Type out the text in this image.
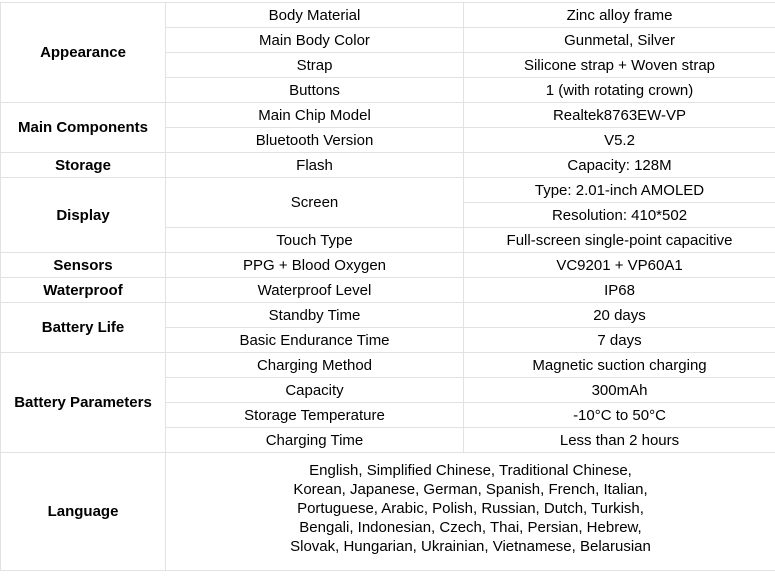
Appearance	Body Material	Zinc alloy frame
	Main Body Color	Gunmetal, Silver
	Strap	Silicone strap + Woven strap
	Buttons	1 (with rotating crown)
Main Components	Main Chip Model	Realtek8763EW-VP
	Bluetooth Version	V5.2
Storage	Flash	Capacity: 128M
Display	Screen	Type: 2.01-inch AMOLED
		Resolution: 410*502
	Touch Type	Full-screen single-point capacitive
Sensors	PPG + Blood Oxygen	VC9201 + VP60A1
Waterproof	Waterproof Level	IP68
Battery Life	Standby Time	20 days
	Basic Endurance Time	7 days
Battery Parameters	Charging Method	Magnetic suction charging
	Capacity	300mAh
	Storage Temperature	-10°C to 50°C
	Charging Time	Less than 2 hours
Language	English, Simplified Chinese, Traditional Chinese,
Korean, Japanese, German, Spanish, French, Italian,
Portuguese, Arabic, Polish, Russian, Dutch, Turkish,
Bengali, Indonesian, Czech, Thai, Persian, Hebrew,
Slovak, Hungarian, Ukrainian, Vietnamese, Belarusian	
